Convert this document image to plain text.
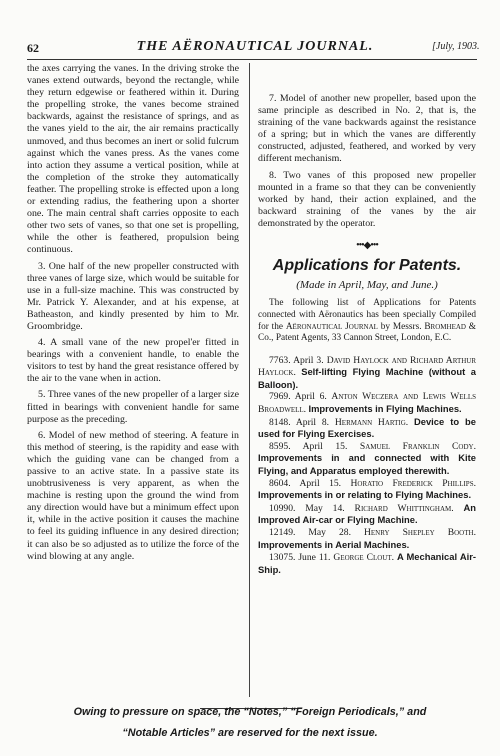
62	THE AËRONAUTICAL JOURNAL.	[July, 1903.

the axes carrying the vanes. In the driving stroke the vanes extend outwards, beyond the rectangle, while they return edgewise or feathered within it. During the propelling stroke, the vanes become strained backwards, against the resistance of springs, and as the vanes yield to the air, the air remains practically unmoved, and thus becomes an inert or solid fulcrum against which the vanes press. As the vanes come into action they assume a vertical position, while at the completion of the stroke they automatically feather. The propelling stroke is effected upon a long or extending radius, the feathering upon a shorter one. The main central shaft carries opposite to each other two sets of vanes, so that one set is propelling, while the other is feathered, propulsion being continuous.

3. One half of the new propeller constructed with three vanes of large size, which would be suitable for use in a full-size machine. This was constructed by Mr. Patrick Y. Alexander, and at his expense, at Batheaston, and kindly presented by him to Mr. Groombridge.

4. A small vane of the new propel'er fitted in bearings with a convenient handle, to enable the visitors to test by hand the great resistance offered by the air to the vane when in action.

5. Three vanes of the new propeller of a larger size fitted in bearings with convenient handle for same purpose as the preceding.

6. Model of new method of steering. A feature in this method of steering, is the rapidity and ease with which the guiding vane can be changed from a passive to an active state. In a passive state its unobtrusiveness is very apparent, as when the machine is resting upon the ground the wind from any direction would have but a minimum effect upon it, while in the active position it causes the machine to feel its guiding influence in any desired direction; it can also be so adjusted as to utilize the force of the wind blowing at any angle.

7. Model of another new propeller, based upon the same principle as described in No. 2, that is, the straining of the vane backwards against the resistance of a spring; but in which the vanes are differently constructed, adjusted, feathered, and worked by very different mechanism.

8. Two vanes of this proposed new propeller mounted in a frame so that they can be conveniently worked by hand, their action explained, and the backward straining of the vanes by the air demonstrated by the operator.

•••◆•••
Applications for Patents.
(Made in April, May, and June.)

The following list of Applications for Patents connected with Aëronautics has been specially Compiled for the Aëronautical Journal by Messrs. Bromhead & Co., Patent Agents, 33 Cannon Street, London, E.C.

7763. April 3. David Haylock and Richard Arthur Haylock. Self-lifting Flying Machine (without a Balloon).

7969. April 6. Anton Weczera and Lewis Wells Broadwell. Improvements in Flying Machines.

8148. April 8. Hermann Hartig. Device to be used for Flying Exercises.

8595. April 15. Samuel Franklin Cody. Improvements in and connected with Kite Flying, and Apparatus employed therewith.

8604. April 15. Horatio Frederick Phillips. Improvements in or relating to Flying Machines.

10990. May 14. Richard Whittingham. An Improved Air-car or Flying Machine.

12149. May 28. Henry Shepley Booth. Improvements in Aerial Machines.

13075. June 11. George Clout. A Mechanical Air-Ship.

Owing to pressure on space, the “Notes,” “Foreign Periodicals,” and
“Notable Articles” are reserved for the next issue.
